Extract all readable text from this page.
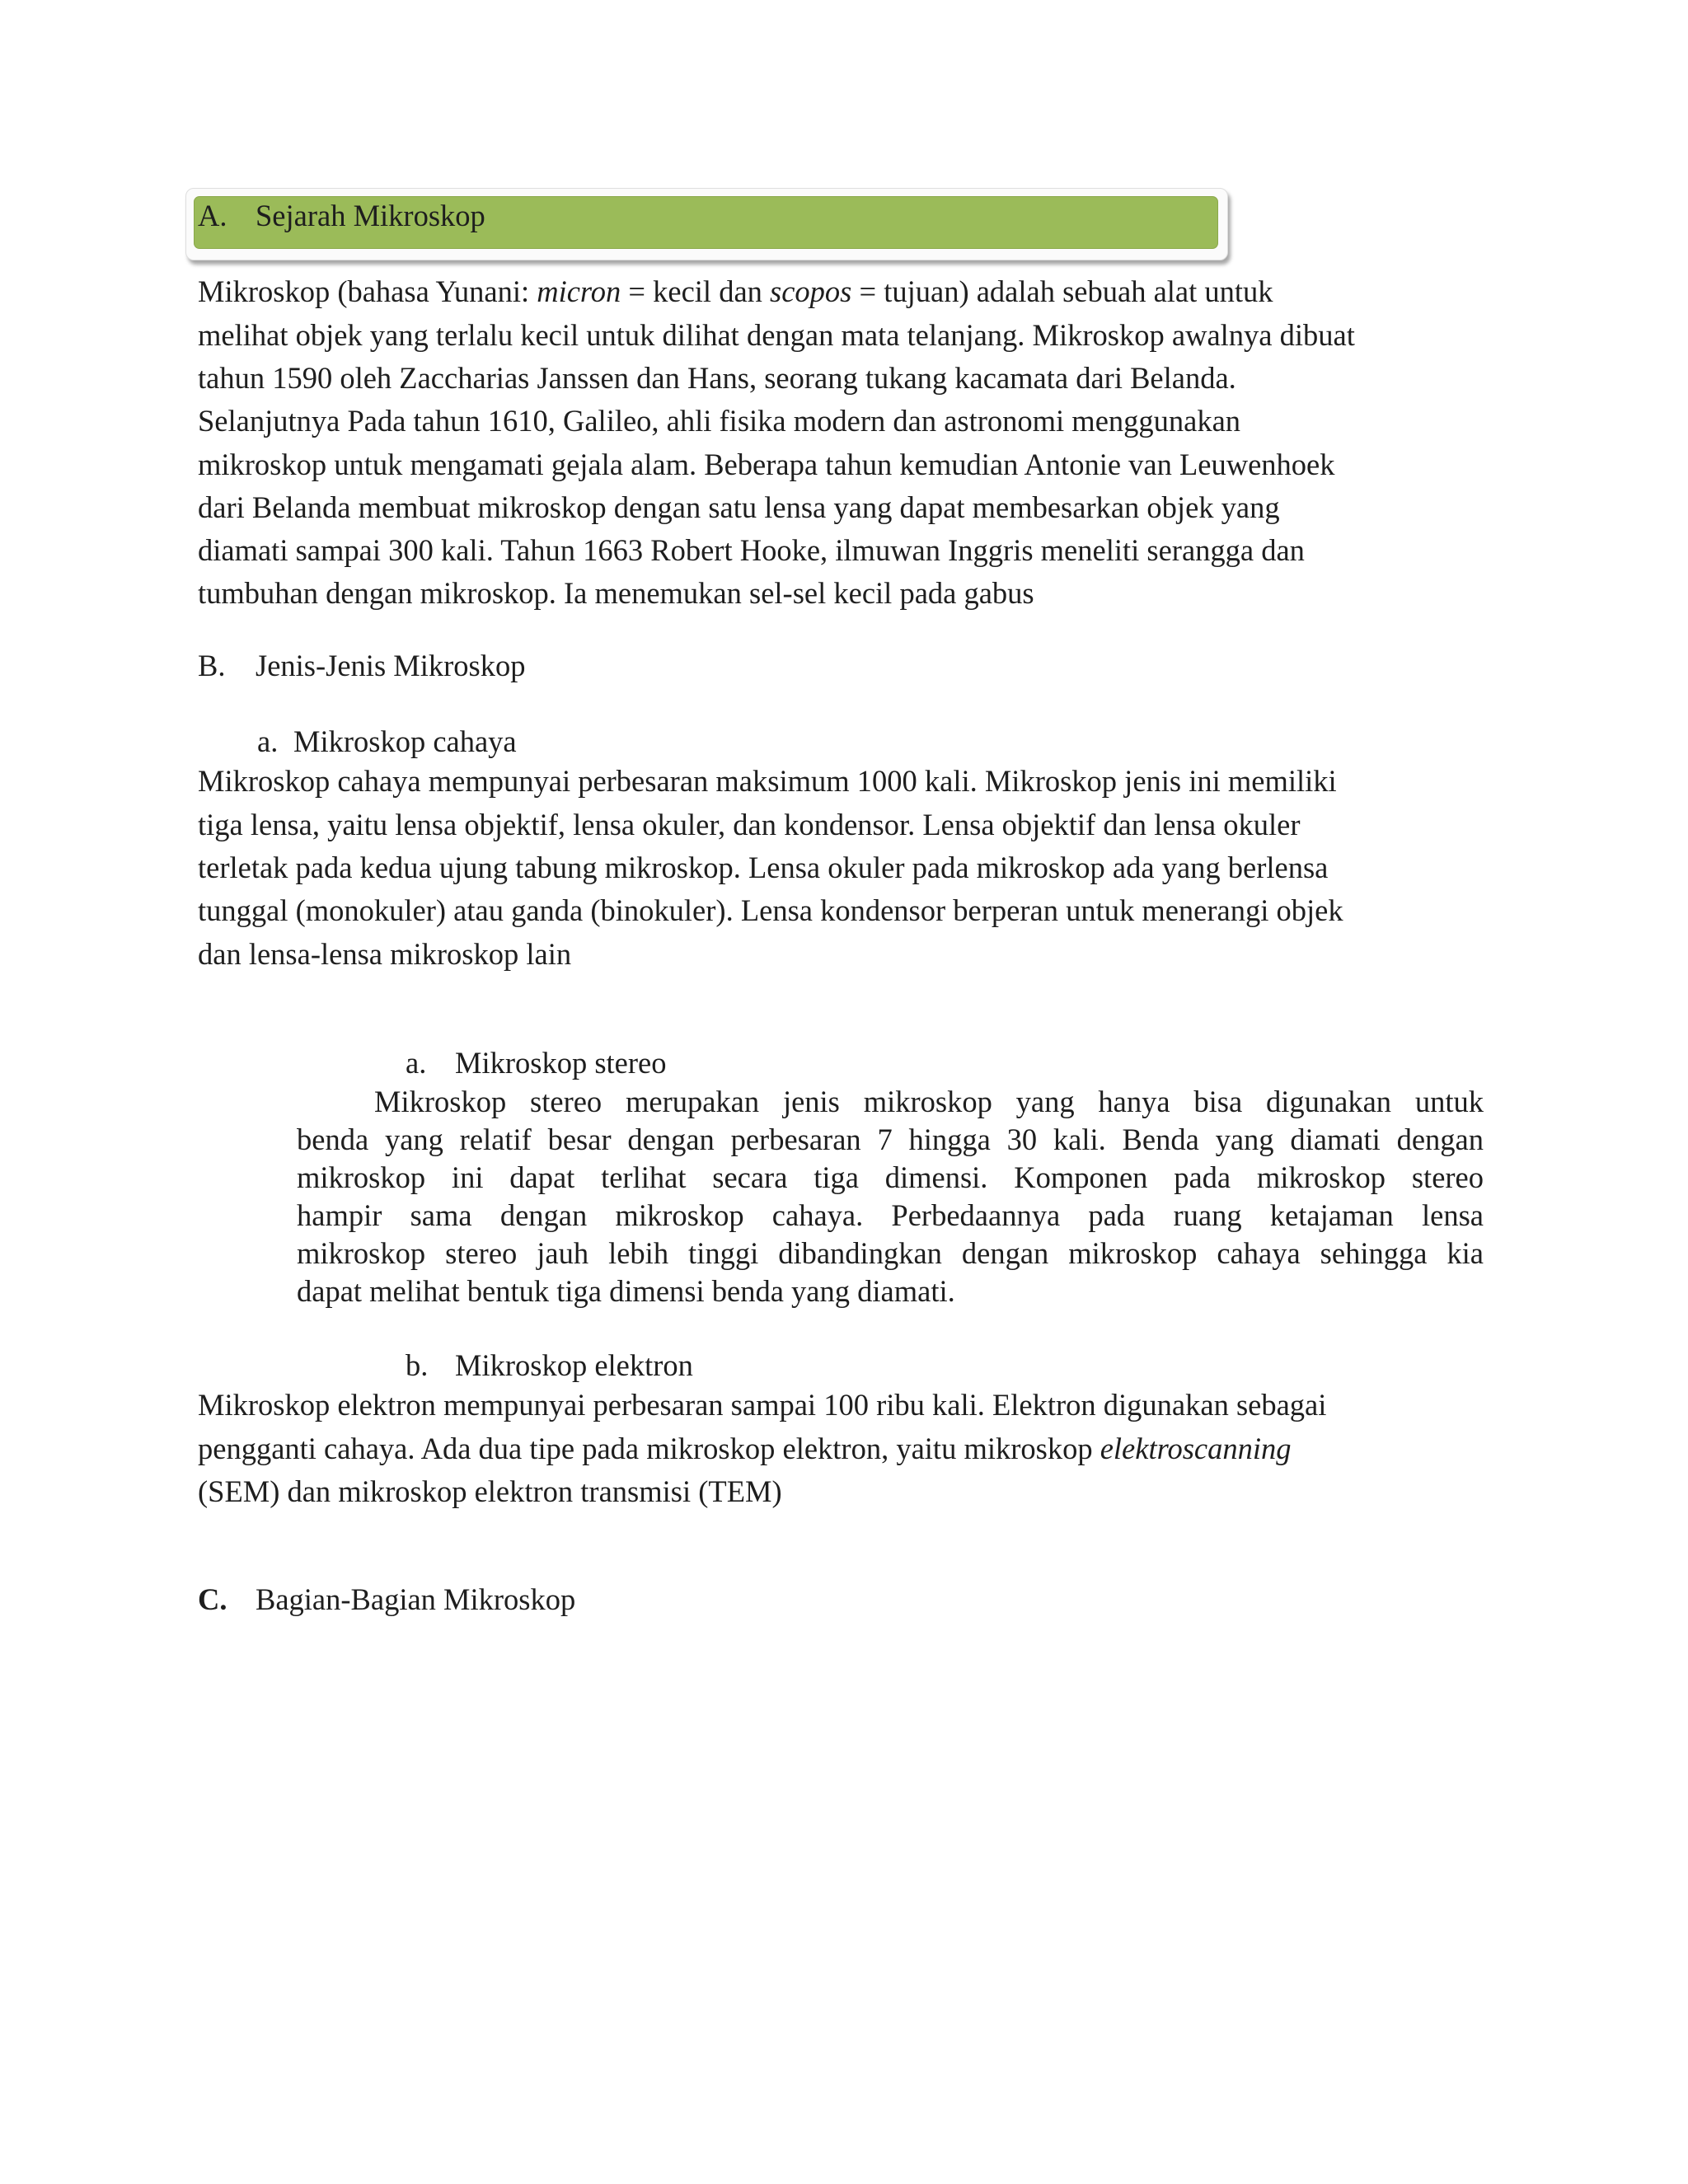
A. Sejarah Mikroskop
Mikroskop (bahasa Yunani: micron = kecil dan scopos = tujuan) adalah sebuah alat untuk
melihat objek yang terlalu kecil untuk dilihat dengan mata telanjang. Mikroskop awalnya dibuat
tahun 1590 oleh Zaccharias Janssen dan Hans, seorang tukang kacamata dari Belanda.
Selanjutnya Pada tahun 1610, Galileo, ahli fisika modern dan astronomi menggunakan
mikroskop untuk mengamati gejala alam. Beberapa tahun kemudian Antonie van Leuwenhoek
dari Belanda membuat mikroskop dengan satu lensa yang dapat membesarkan objek yang
diamati sampai 300 kali. Tahun 1663 Robert Hooke, ilmuwan Inggris meneliti serangga dan
tumbuhan dengan mikroskop. Ia menemukan sel-sel kecil pada gabus
B. Jenis-Jenis Mikroskop
a. Mikroskop cahaya
Mikroskop cahaya mempunyai perbesaran maksimum 1000 kali. Mikroskop jenis ini memiliki
tiga lensa, yaitu lensa objektif, lensa okuler, dan kondensor. Lensa objektif dan lensa okuler
terletak pada kedua ujung tabung mikroskop. Lensa okuler pada mikroskop ada yang berlensa
tunggal (monokuler) atau ganda (binokuler). Lensa kondensor berperan untuk menerangi objek
dan lensa-lensa mikroskop lain
a. Mikroskop stereo
Mikroskop stereo merupakan jenis mikroskop yang hanya bisa digunakan untuk
benda yang relatif besar dengan perbesaran 7 hingga 30 kali. Benda yang diamati dengan
mikroskop ini dapat terlihat secara tiga dimensi. Komponen pada mikroskop stereo
hampir sama dengan mikroskop cahaya. Perbedaannya pada ruang ketajaman lensa
mikroskop stereo jauh lebih tinggi dibandingkan dengan mikroskop cahaya sehingga kia
dapat melihat bentuk tiga dimensi benda yang diamati.
b. Mikroskop elektron
Mikroskop elektron mempunyai perbesaran sampai 100 ribu kali. Elektron digunakan sebagai
pengganti cahaya. Ada dua tipe pada mikroskop elektron, yaitu mikroskop elektroscanning
(SEM) dan mikroskop elektron transmisi (TEM)
C. Bagian-Bagian Mikroskop
